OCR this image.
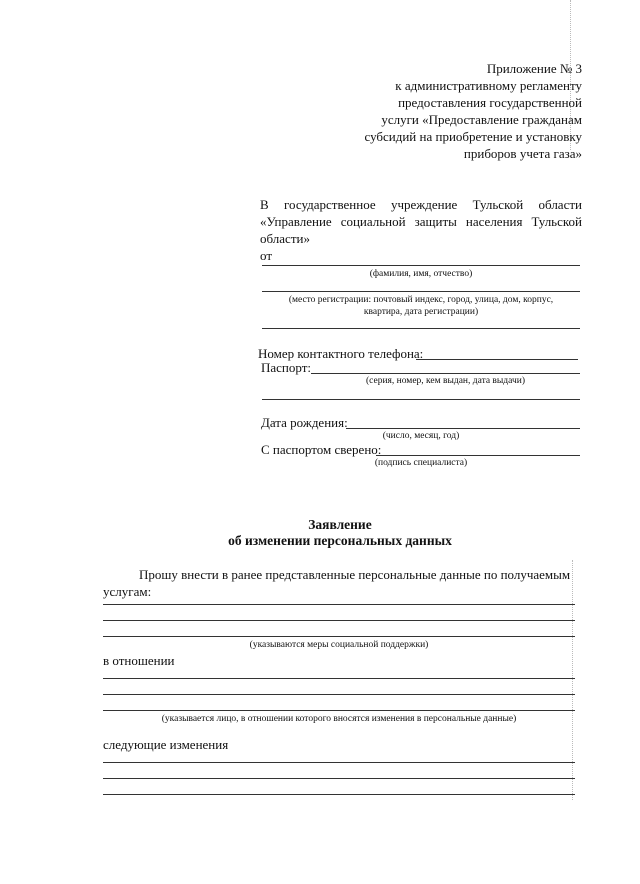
Приложение № 3
к административному регламенту
предоставления государственной
услуги «Предоставление гражданам
субсидий на приобретение и установку
приборов учета газа»
В государственное учреждение Тульской области
«Управление социальной защиты населения Тульской
области»
от
(фамилия, имя, отчество)
(место регистрации: почтовый индекс, город, улица, дом, корпус,
квартира, дата регистрации)
Номер контактного телефона:
Паспорт:
(серия, номер, кем выдан, дата выдачи)
Дата рождения:
(число, месяц, год)
С паспортом сверено:
(подпись специалиста)
Заявление
об изменении персональных данных
Прошу внести в ранее представленные персональные данные по получаемым
услугам:
(указываются меры социальной поддержки)
в отношении
(указывается лицо, в отношении которого вносятся изменения в персональные данные)
следующие изменения
